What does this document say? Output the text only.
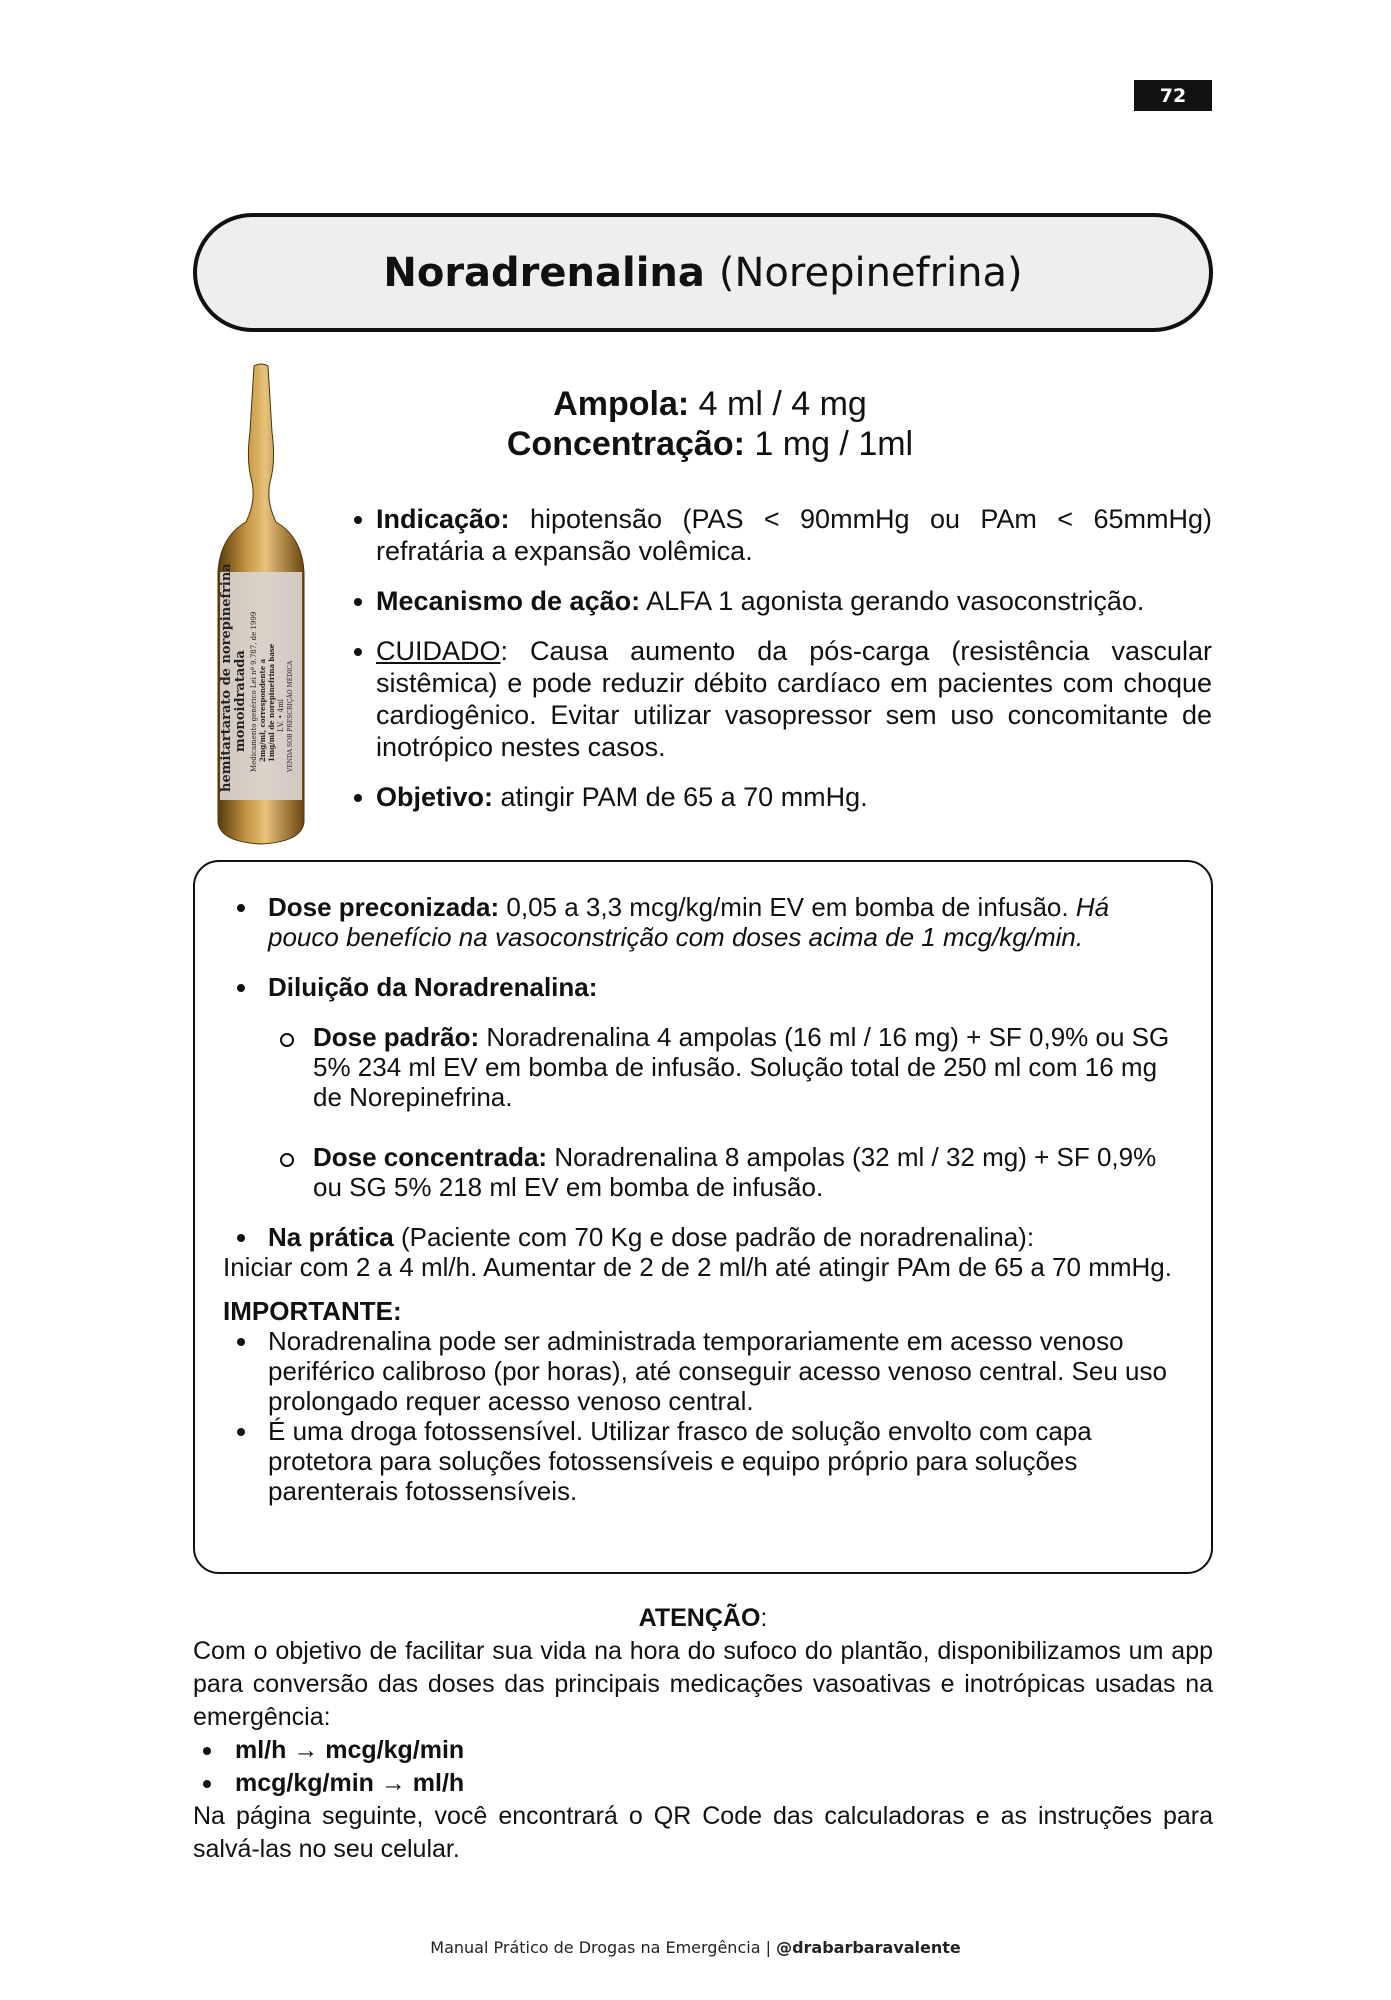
72
Noradrenalina (Norepinefrina)
hemitartarato de norepinefrina monoidratada Medicamento genérico Lei nº 9.787, de 1999 2mg/ml, correspondente a 1mg/ml de norepinefrina base I.V. • 4ml VENDA SOB PRESCRIÇÃO MÉDICA
Ampola: 4 ml / 4 mg
Concentração: 1 mg / 1ml
Indicação: hipotensão (PAS < 90mmHg ou PAm < 65mmHg) refratária a expansão volêmica.
Mecanismo de ação: ALFA 1 agonista gerando vasoconstrição.
CUIDADO: Causa aumento da pós-carga (resistência vascular sistêmica) e pode reduzir débito cardíaco em pacientes com choque cardiogênico. Evitar utilizar vasopressor sem uso concomitante de inotrópico nestes casos.
Objetivo: atingir PAM de 65 a 70 mmHg.
Dose preconizada: 0,05 a 3,3 mcg/kg/min EV em bomba de infusão. Há pouco benefício na vasoconstrição com doses acima de 1 mcg/kg/min.
Diluição da Noradrenalina:
Dose padrão: Noradrenalina 4 ampolas (16 ml / 16 mg) + SF 0,9% ou SG 5% 234 ml EV em bomba de infusão. Solução total de 250 ml com 16 mg de Norepinefrina.
Dose concentrada: Noradrenalina 8 ampolas (32 ml / 32 mg) + SF 0,9% ou SG 5% 218 ml EV em bomba de infusão.
Na prática (Paciente com 70 Kg e dose padrão de noradrenalina):
Iniciar com 2 a 4 ml/h. Aumentar de 2 de 2 ml/h até atingir PAm de 65 a 70 mmHg.
IMPORTANTE:
Noradrenalina pode ser administrada temporariamente em acesso venoso periférico calibroso (por horas), até conseguir acesso venoso central. Seu uso prolongado requer acesso venoso central.
É uma droga fotossensível. Utilizar frasco de solução envolto com capa protetora para soluções fotossensíveis e equipo próprio para soluções parenterais fotossensíveis.
ATENÇÃO:
Com o objetivo de facilitar sua vida na hora do sufoco do plantão, disponibilizamos um app para conversão das doses das principais medicações vasoativas e inotrópicas usadas na emergência:
ml/h → mcg/kg/min
mcg/kg/min → ml/h
Na página seguinte, você encontrará o QR Code das calculadoras e as instruções para salvá-las no seu celular.
Manual Prático de Drogas na Emergência | @drabarbaravalente
